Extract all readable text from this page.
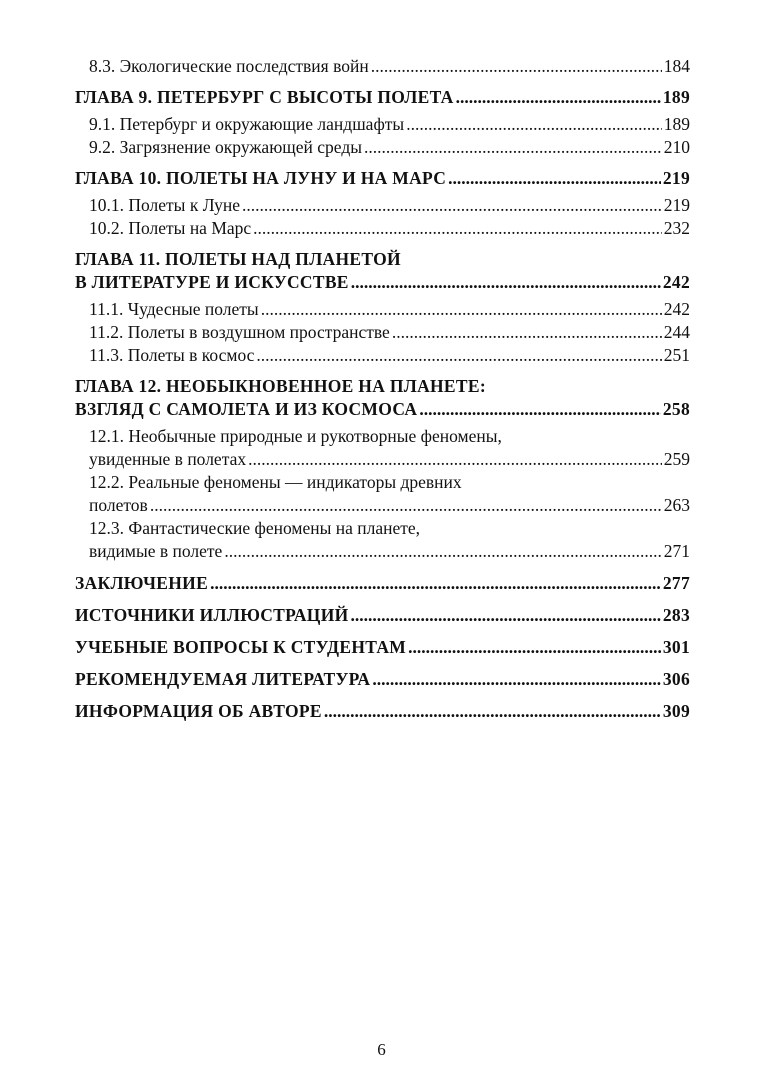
8.3. Экологические последствия войн .....	184
ГЛАВА 9. ПЕТЕРБУРГ С ВЫСОТЫ ПОЛЕТА .....	189
9.1. Петербург и окружающие ландшафты .....	189
9.2. Загрязнение окружающей среды .....	210
ГЛАВА 10. ПОЛЕТЫ НА ЛУНУ И НА МАРС .....	219
10.1. Полеты к Луне .....	219
10.2. Полеты на Марс .....	232
ГЛАВА 11. ПОЛЕТЫ НАД ПЛАНЕТОЙ
В ЛИТЕРАТУРЕ И ИСКУССТВЕ .....	242
11.1. Чудесные полеты .....	242
11.2. Полеты в воздушном пространстве .....	244
11.3. Полеты в космос .....	251
ГЛАВА 12. НЕОБЫКНОВЕННОЕ НА ПЛАНЕТЕ:
ВЗГЛЯД С САМОЛЕТА И ИЗ КОСМОСА .....	258
12.1. Необычные природные и рукотворные феномены,
увиденные в полетах .....	259
12.2. Реальные феномены — индикаторы древних
полетов .....	263
12.3. Фантастические феномены на планете,
видимые в полете .....	271
ЗАКЛЮЧЕНИЕ .....	277
ИСТОЧНИКИ ИЛЛЮСТРАЦИЙ .....	283
УЧЕБНЫЕ ВОПРОСЫ К СТУДЕНТАМ .....	301
РЕКОМЕНДУЕМАЯ ЛИТЕРАТУРА .....	306
ИНФОРМАЦИЯ ОБ АВТОРЕ .....	309
6
